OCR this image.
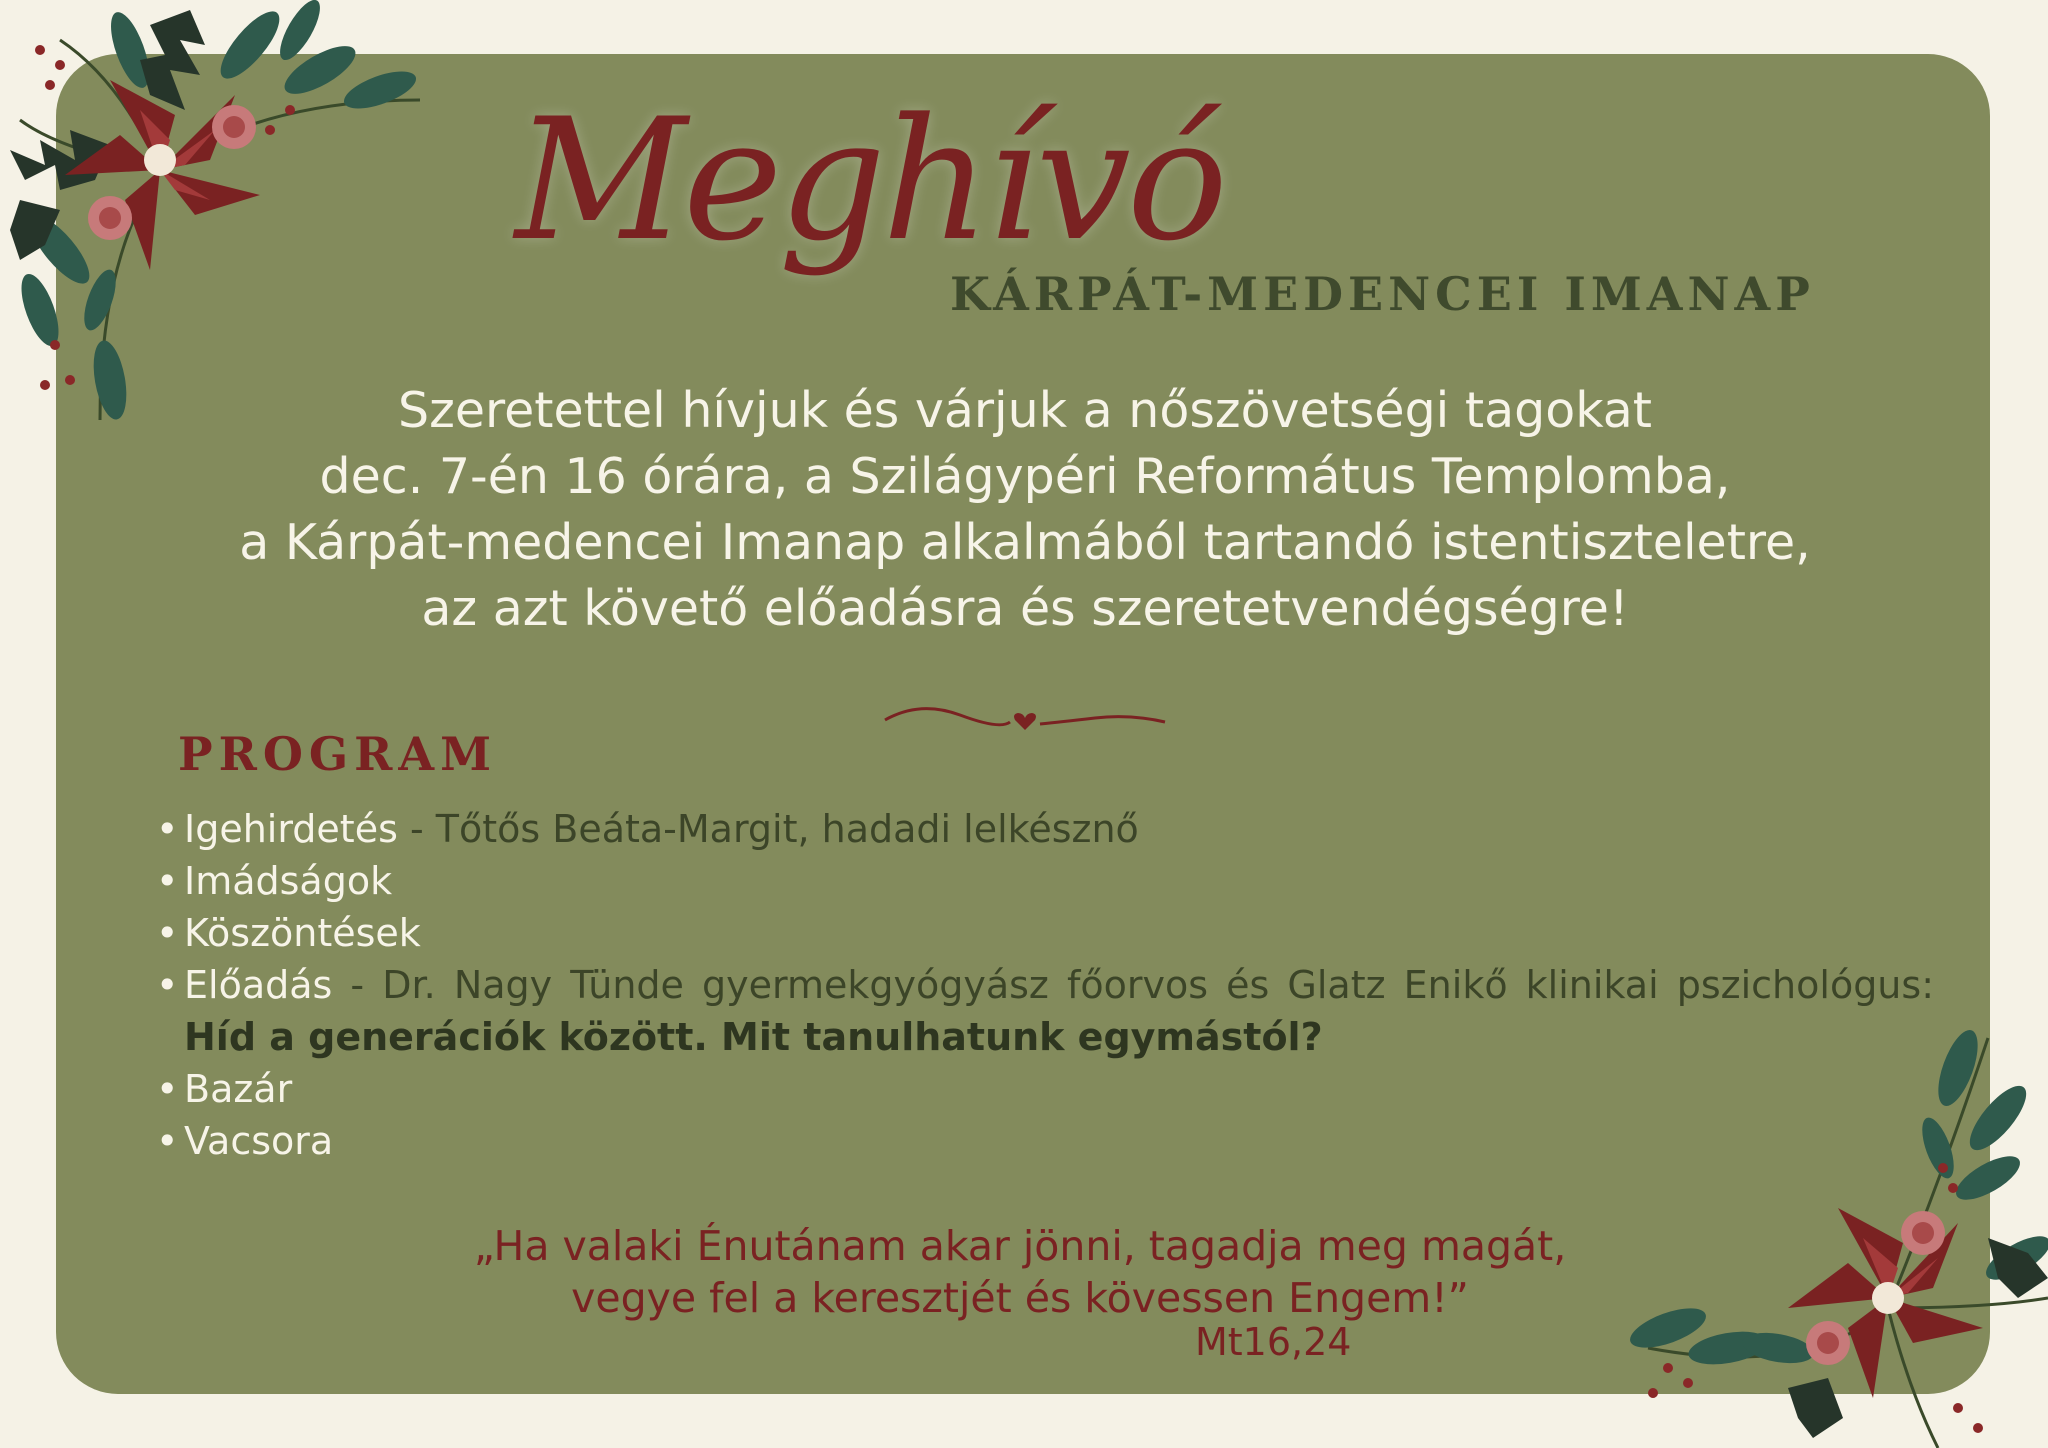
Meghívó
KÁRPÁT-MEDENCEI IMANAP
Szeretettel hívjuk és várjuk a nőszövetségi tagokat
dec. 7-én 16 órára, a Szilágypéri Református Templomba,
a Kárpát-medencei Imanap alkalmából tartandó istentiszteletre,
az azt követő előadásra és szeretetvendégségre!
PROGRAM
• Igehirdetés - Tőtős Beáta-Margit, hadadi lelkésznő
• Imádságok
• Köszöntések
• Előadás - Dr. Nagy Tünde gyermekgyógyász főorvos és Glatz Enikő klinikai pszichológus: Híd a generációk között. Mit tanulhatunk egymástól?
• Bazár
• Vacsora
„Ha valaki Énutánam akar jönni, tagadja meg magát,
vegye fel a keresztjét és kövessen Engem!”
Mt16,24
